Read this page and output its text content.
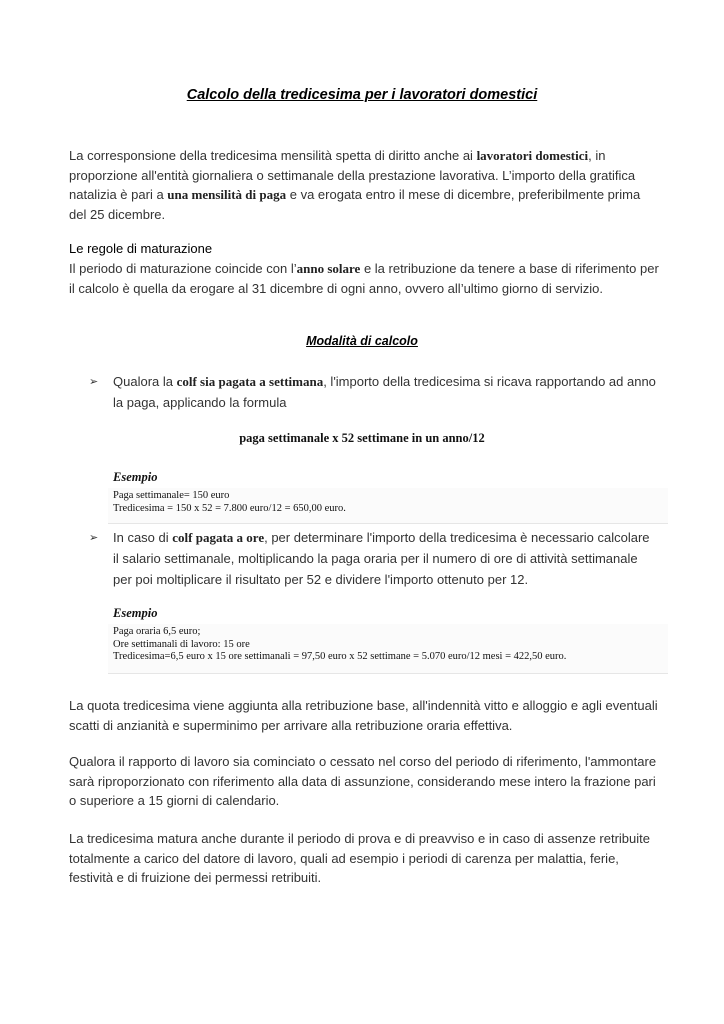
Calcolo della tredicesima per i lavoratori domestici
La corresponsione della tredicesima mensilità spetta di diritto anche ai lavoratori domestici, in proporzione all'entità giornaliera o settimanale della prestazione lavorativa. L’importo della gratifica natalizia è pari a una mensilità di paga e va erogata entro il mese di dicembre, preferibilmente prima del 25 dicembre.
Le regole di maturazione
Il periodo di maturazione coincide con l’anno solare e la retribuzione da tenere a base di riferimento per il calcolo è quella da erogare al 31 dicembre di ogni anno, ovvero all’ultimo giorno di servizio.
Modalità di calcolo
➢ Qualora la colf sia pagata a settimana, l'importo della tredicesima si ricava rapportando ad anno la paga, applicando la formula
paga settimanale x 52 settimane in un anno/12
Esempio
Paga settimanale= 150 euro
Tredicesima = 150 x 52 = 7.800 euro/12 = 650,00 euro.
➢ In caso di colf pagata a ore, per determinare l'importo della tredicesima è necessario calcolare il salario settimanale, moltiplicando la paga oraria per il numero di ore di attività settimanale per poi moltiplicare il risultato per 52 e dividere l'importo ottenuto per 12.
Esempio
Paga oraria 6,5 euro;
Ore settimanali di lavoro: 15 ore
Tredicesima=6,5 euro x 15 ore settimanali = 97,50 euro x 52 settimane = 5.070 euro/12 mesi = 422,50 euro.
La quota tredicesima viene aggiunta alla retribuzione base, all'indennità vitto e alloggio e agli eventuali scatti di anzianità e superminimo per arrivare alla retribuzione oraria effettiva.
Qualora il rapporto di lavoro sia cominciato o cessato nel corso del periodo di riferimento, l'ammontare sarà riproporzionato con riferimento alla data di assunzione, considerando mese intero la frazione pari o superiore a 15 giorni di calendario.
La tredicesima matura anche durante il periodo di prova e di preavviso e in caso di assenze retribuite totalmente a carico del datore di lavoro, quali ad esempio i periodi di carenza per malattia, ferie, festività e di fruizione dei permessi retribuiti.
